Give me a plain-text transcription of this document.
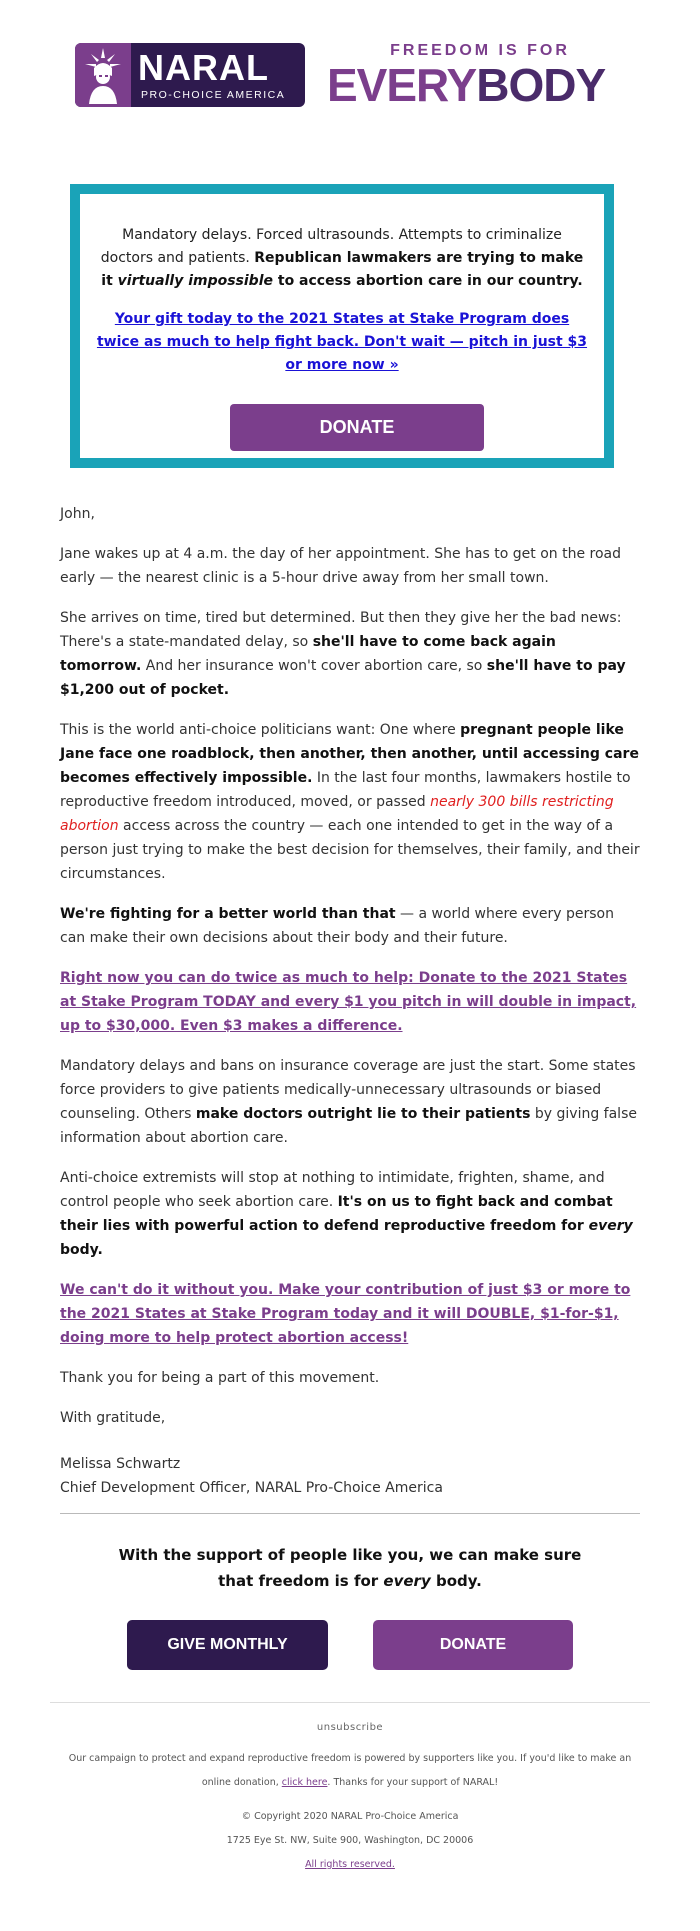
NARAL
PRO-CHOICE AMERICA
FREEDOM IS FOR
EVERYBODY

Mandatory delays. Forced ultrasounds. Attempts to criminalize doctors and patients. Republican lawmakers are trying to make it virtually impossible to access abortion care in our country.

Your gift today to the 2021 States at Stake Program does twice as much to help fight back. Don't wait — pitch in just $3 or more now »
DONATE

John,

Jane wakes up at 4 a.m. the day of her appointment. She has to get on the road early — the nearest clinic is a 5-hour drive away from her small town.

She arrives on time, tired but determined. But then they give her the bad news: There's a state-mandated delay, so she'll have to come back again tomorrow. And her insurance won't cover abortion care, so she'll have to pay $1,200 out of pocket.

This is the world anti-choice politicians want: One where pregnant people like Jane face one roadblock, then another, then another, until accessing care becomes effectively impossible. In the last four months, lawmakers hostile to reproductive freedom introduced, moved, or passed nearly 300 bills restricting abortion access across the country — each one intended to get in the way of a person just trying to make the best decision for themselves, their family, and their circumstances.

We're fighting for a better world than that — a world where every person can make their own decisions about their body and their future.

Right now you can do twice as much to help: Donate to the 2021 States at Stake Program TODAY and every $1 you pitch in will double in impact, up to $30,000. Even $3 makes a difference.

Mandatory delays and bans on insurance coverage are just the start. Some states force providers to give patients medically-unnecessary ultrasounds or biased counseling. Others make doctors outright lie to their patients by giving false information about abortion care.

Anti-choice extremists will stop at nothing to intimidate, frighten, shame, and control people who seek abortion care. It's on us to fight back and combat their lies with powerful action to defend reproductive freedom for every body.

We can't do it without you. Make your contribution of just $3 or more to the 2021 States at Stake Program today and it will DOUBLE, $1-for-$1, doing more to help protect abortion access!

Thank you for being a part of this movement.

With gratitude,

Melissa Schwartz

Chief Development Officer, NARAL Pro-Choice America

With the support of people like you, we can make sure that freedom is for every body.
GIVE MONTHLY	DONATE
unsubscribe
Our campaign to protect and expand reproductive freedom is powered by supporters like you. If you'd like to make an online donation, click here. Thanks for your support of NARAL!
© Copyright 2020 NARAL Pro-Choice America
1725 Eye St. NW, Suite 900, Washington, DC 20006
All rights reserved.
